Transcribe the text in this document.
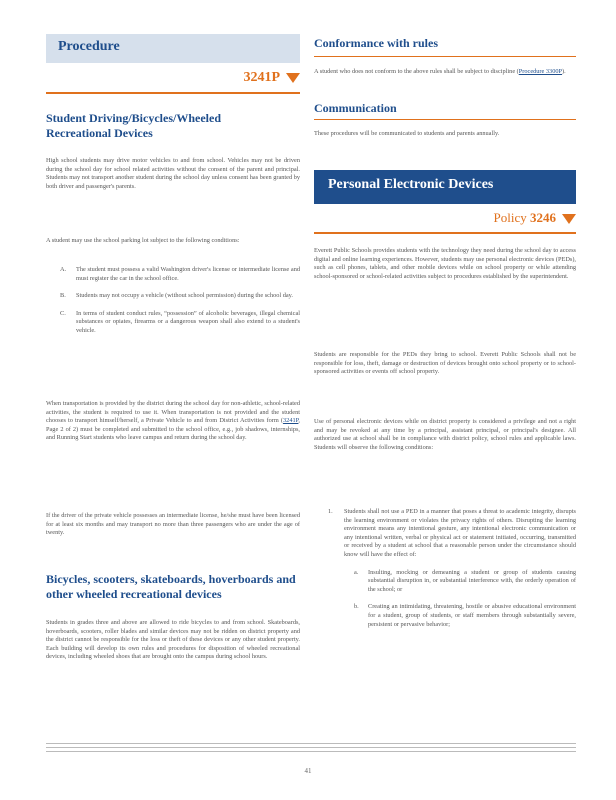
Procedure
3241P
Student Driving/Bicycles/Wheeled Recreational Devices
High school students may drive motor vehicles to and from school. Vehicles may not be driven during the school day for school related activities without the consent of the parent and principal. Students may not transport another student during the school day unless consent has been granted by both driver and passenger's parents.
A student may use the school parking lot subject to the following conditions:
A. The student must possess a valid Washington driver's license or intermediate license and must register the car in the school office.
B. Students may not occupy a vehicle (without school permission) during the school day.
C. In terms of student conduct rules, “possession” of alcoholic beverages, illegal chemical substances or opiates, firearms or a dangerous weapon shall also extend to a student's vehicle.
When transportation is provided by the district during the school day for non-athletic, school-related activities, the student is required to use it. When transportation is not provided and the student chooses to transport himself/herself, a Private Vehicle to and from District Activities form (3241P, Page 2 of 2) must be completed and submitted to the school office, e.g., job shadows, internships, and Running Start students who leave campus and return during the school day.
If the driver of the private vehicle possesses an intermediate license, he/she must have been licensed for at least six months and may transport no more than three passengers who are under the age of twenty.
Bicycles, scooters, skateboards, hoverboards and other wheeled recreational devices
Students in grades three and above are allowed to ride bicycles to and from school. Skateboards, hoverboards, scooters, roller blades and similar devices may not be ridden on district property and the district cannot be responsible for the loss or theft of these devices or any other student property. Each building will develop its own rules and procedures for disposition of wheeled recreational devices, including wheeled shoes that are brought onto the campus during school hours.
Conformance with rules
A student who does not conform to the above rules shall be subject to discipline (Procedure 3300P).
Communication
These procedures will be communicated to students and parents annually.
Personal Electronic Devices
Policy 3246
Everett Public Schools provides students with the technology they need during the school day to access digital and online learning experiences. However, students may use personal electronic devices (PEDs), such as cell phones, tablets, and other mobile devices while on school property or while attending school-sponsored or school-related activities subject to procedures established by the superintendent.
Students are responsible for the PEDs they bring to school. Everett Public Schools shall not be responsible for loss, theft, damage or destruction of devices brought onto school property or to school-sponsored activities or events off school property.
Use of personal electronic devices while on district property is considered a privilege and not a right and may be revoked at any time by a principal, assistant principal, or principal's designee. All authorized use at school shall be in compliance with district policy, school rules and applicable laws. Students will observe the following conditions:
1. Students shall not use a PED in a manner that poses a threat to academic integrity, disrupts the learning environment or violates the privacy rights of others. Disrupting the learning environment means any intentional gesture, any intentional electronic communication or any intentional written, verbal or physical act or statement initiated, occurring, transmitted or received by a student at school that a reasonable person under the circumstance should know will have the effect of:
a. Insulting, mocking or demeaning a student or group of students causing substantial disruption in, or substantial interference with, the orderly operation of the school; or
b. Creating an intimidating, threatening, hostile or abusive educational environment for a student, group of students, or staff members through substantially severe, persistent or pervasive behavior;
41
